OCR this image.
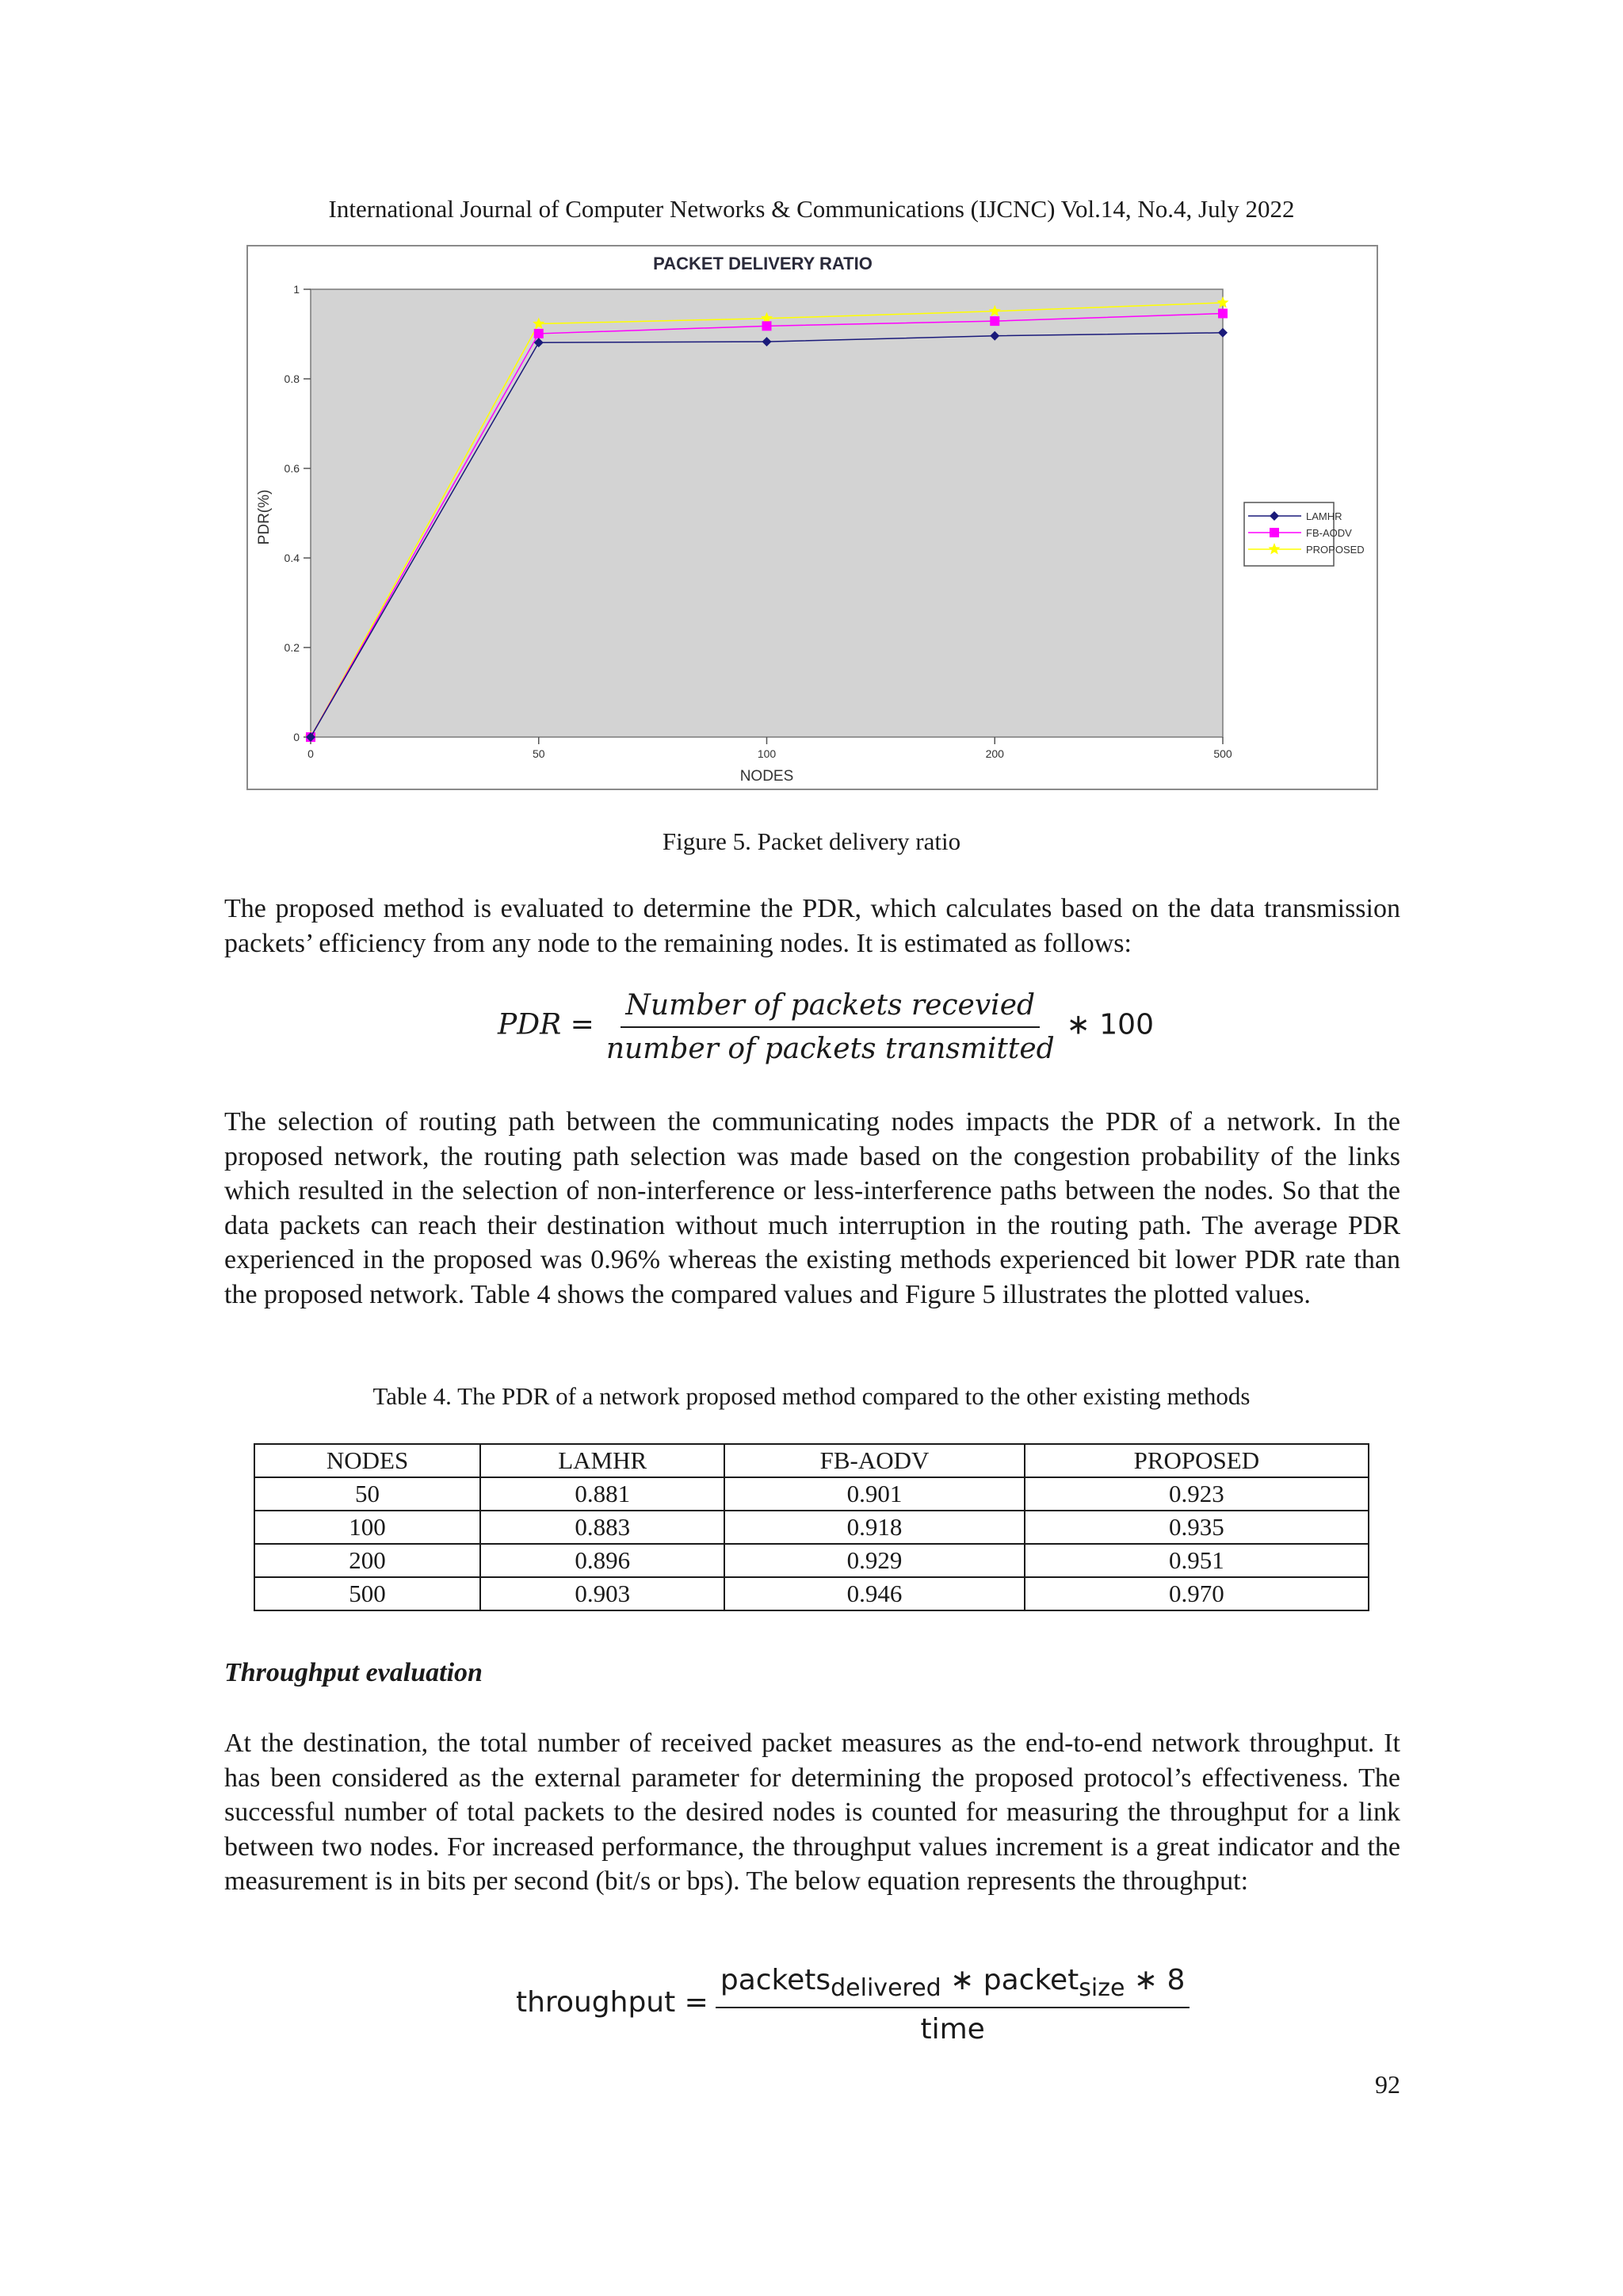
International Journal of Computer Networks & Communications (IJCNC) Vol.14, No.4, July 2022
PACKET DELIVERY RATIO
0
0.2
0.4
0.6
0.8
1
PDR(%)
0	50	100	200	500
NODES
LAMHR
FB-AODV
PROPOSED
Figure 5. Packet delivery ratio

The proposed method is evaluated to determine the PDR, which calculates based on the data transmission packets’ efficiency from any node to the remaining nodes. It is estimated as follows:

PDR = $\frac{\text{Number of packets recevied}}{\text{number of packets transmitted}}$ ∗ 100

The selection of routing path between the communicating nodes impacts the PDR of a network. In the proposed network, the routing path selection was made based on the congestion probability of the links which resulted in the selection of non-interference or less-interference paths between the nodes. So that the data packets can reach their destination without much interruption in the routing path. The average PDR experienced in the proposed was 0.96% whereas the existing methods experienced bit lower PDR rate than the proposed network. Table 4 shows the compared values and Figure 5 illustrates the plotted values.

Table 4. The PDR of a network proposed method compared to the other existing methods
NODES	LAMHR	FB-AODV	PROPOSED
50	0.881	0.901	0.923
100	0.883	0.918	0.935
200	0.896	0.929	0.951
500	0.903	0.946	0.970
Throughput evaluation

At the destination, the total number of received packet measures as the end-to-end network throughput. It has been considered as the external parameter for determining the proposed protocol’s effectiveness. The successful number of total packets to the desired nodes is counted for measuring the throughput for a link between two nodes. For increased performance, the throughput values increment is a great indicator and the measurement is in bits per second (bit/s or bps). The below equation represents the throughput:

throughput = $\frac{packets_{delivered} ∗ packet_{size} ∗ 8}{\text{time}}$
92
